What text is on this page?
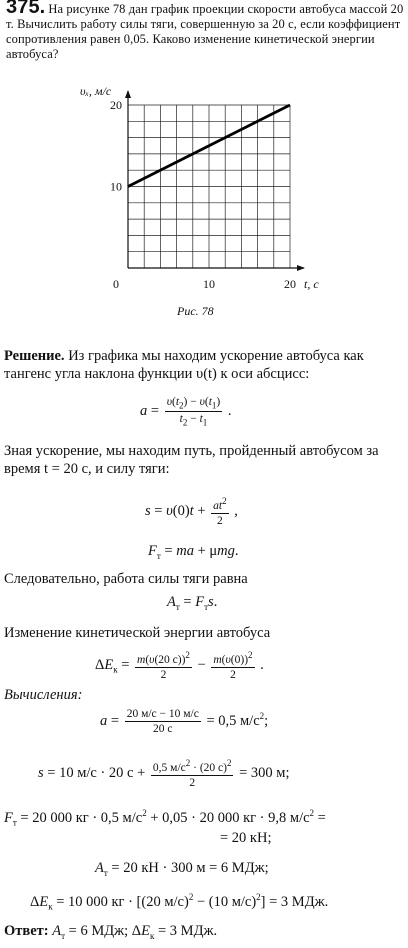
375. На рисунке 78 дан график проекции скорости автобуса массой 20 т. Вычислить работу силы тяги, совершенную за 20 с, если коэффициент сопротивления равен 0,05. Каково изменение кинетической энергии автобуса?
10
20
0	10	20
υₓ, м/с
t, с
Рис. 78
Решение. Из графика мы находим ускорение автобуса как тангенс угла наклона функции υ(t) к оси абсцисс:
$a = \frac{\upsilon(t_2) - \upsilon(t_1)}{t_2 - t_1}$ .
Зная ускорение, мы находим путь, пройденный автобусом за время t = 20 с, и силу тяги:
$s = \upsilon(0)t + \frac{at^2}{2}$ ,
$F_т$ = ma + μmg.
Следовательно, работа силы тяги равна
$A_т = F_тs$.
Изменение кинетической энергии автобуса
$\Delta E_к = \frac{m(\upsilon(20 с))^2}{2} - \frac{m(\upsilon(0))^2}{2}$ .
Вычисления:
$a = \frac{20 м/с - 10 м/с}{20 с} = 0,5$ $м/с^2$;
s = 10 м/с · 20 $с + \frac{0,5 м/с^2 \cdot (20 с)^2}{2} = 300$ м;
$F_т = 20$ 000 кг · 0,5 $м/с^2 + 0,05 \cdot 20$ 000 кг · 9,8 $м/с^2$ =
= 20 кН;
$A_т = 20$ кН · 300 м = 6 МДж;
$\Delta E_к = 10$ 000 кг · [(20 м/с)$^2$ − (10 м/с)$^2$] = 3 МДж.
Ответ: $A_т = 6$ МДж; $\Delta E_к = 3$ МДж.
